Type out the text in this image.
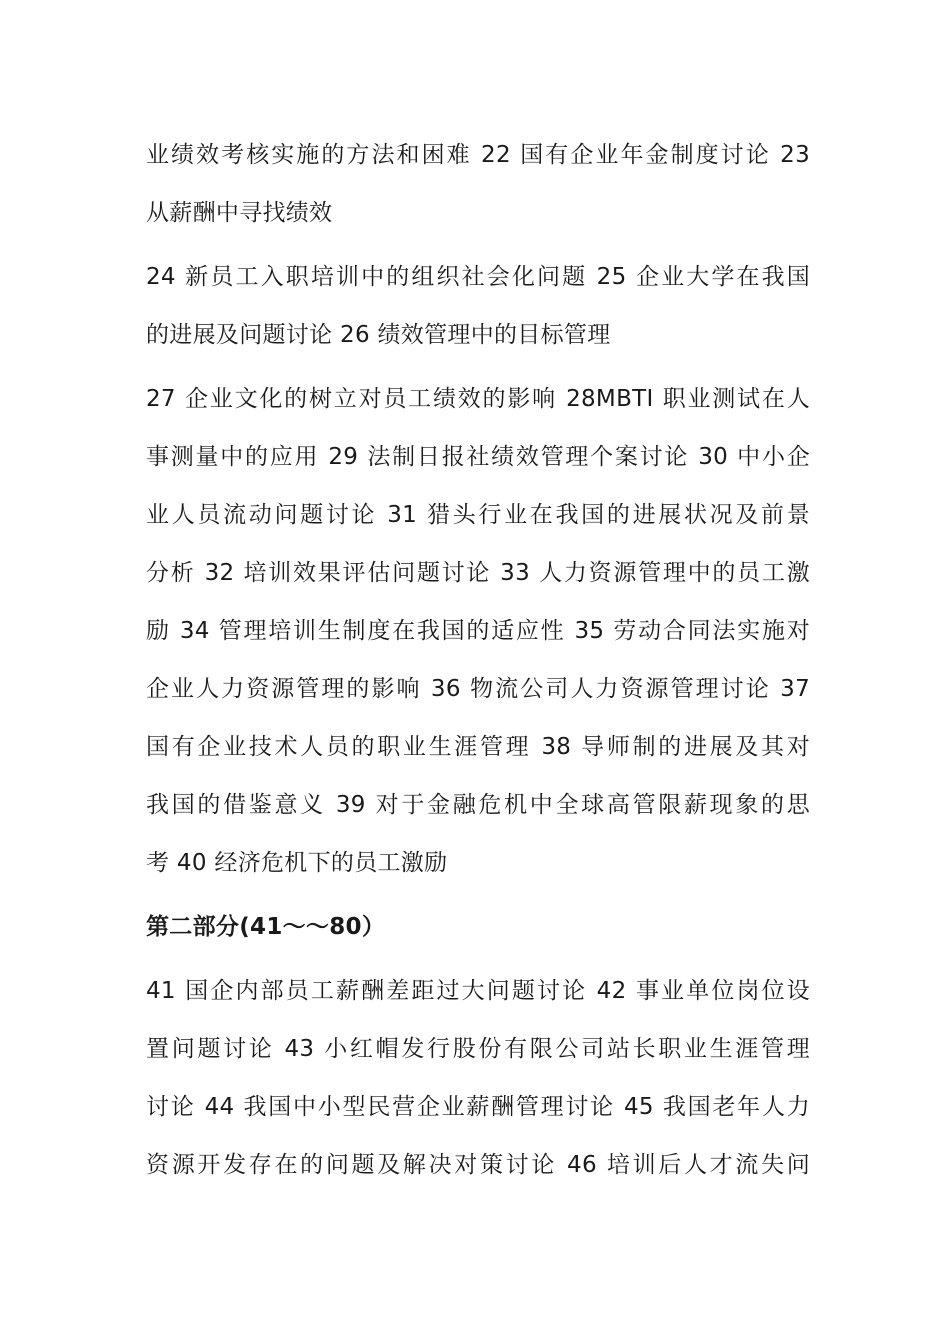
业绩效考核实施的方法和困难 22 国有企业年金制度讨论 23
从薪酬中寻找绩效

24 新员工入职培训中的组织社会化问题 25 企业大学在我国
的进展及问题讨论 26 绩效管理中的目标管理

27 企业文化的树立对员工绩效的影响 28MBTI 职业测试在人
事测量中的应用 29 法制日报社绩效管理个案讨论 30 中小企
业人员流动问题讨论 31 猎头行业在我国的进展状况及前景
分析 32 培训效果评估问题讨论 33 人力资源管理中的员工激
励 34 管理培训生制度在我国的适应性 35 劳动合同法实施对
企业人力资源管理的影响 36 物流公司人力资源管理讨论 37
国有企业技术人员的职业生涯管理 38 导师制的进展及其对
我国的借鉴意义 39 对于金融危机中全球高管限薪现象的思
考 40 经济危机下的员工激励

第二部分(41～～80）

41 国企内部员工薪酬差距过大问题讨论 42 事业单位岗位设
置问题讨论 43 小红帽发行股份有限公司站长职业生涯管理
讨论 44 我国中小型民营企业薪酬管理讨论 45 我国老年人力
资源开发存在的问题及解决对策讨论 46 培训后人才流失问
